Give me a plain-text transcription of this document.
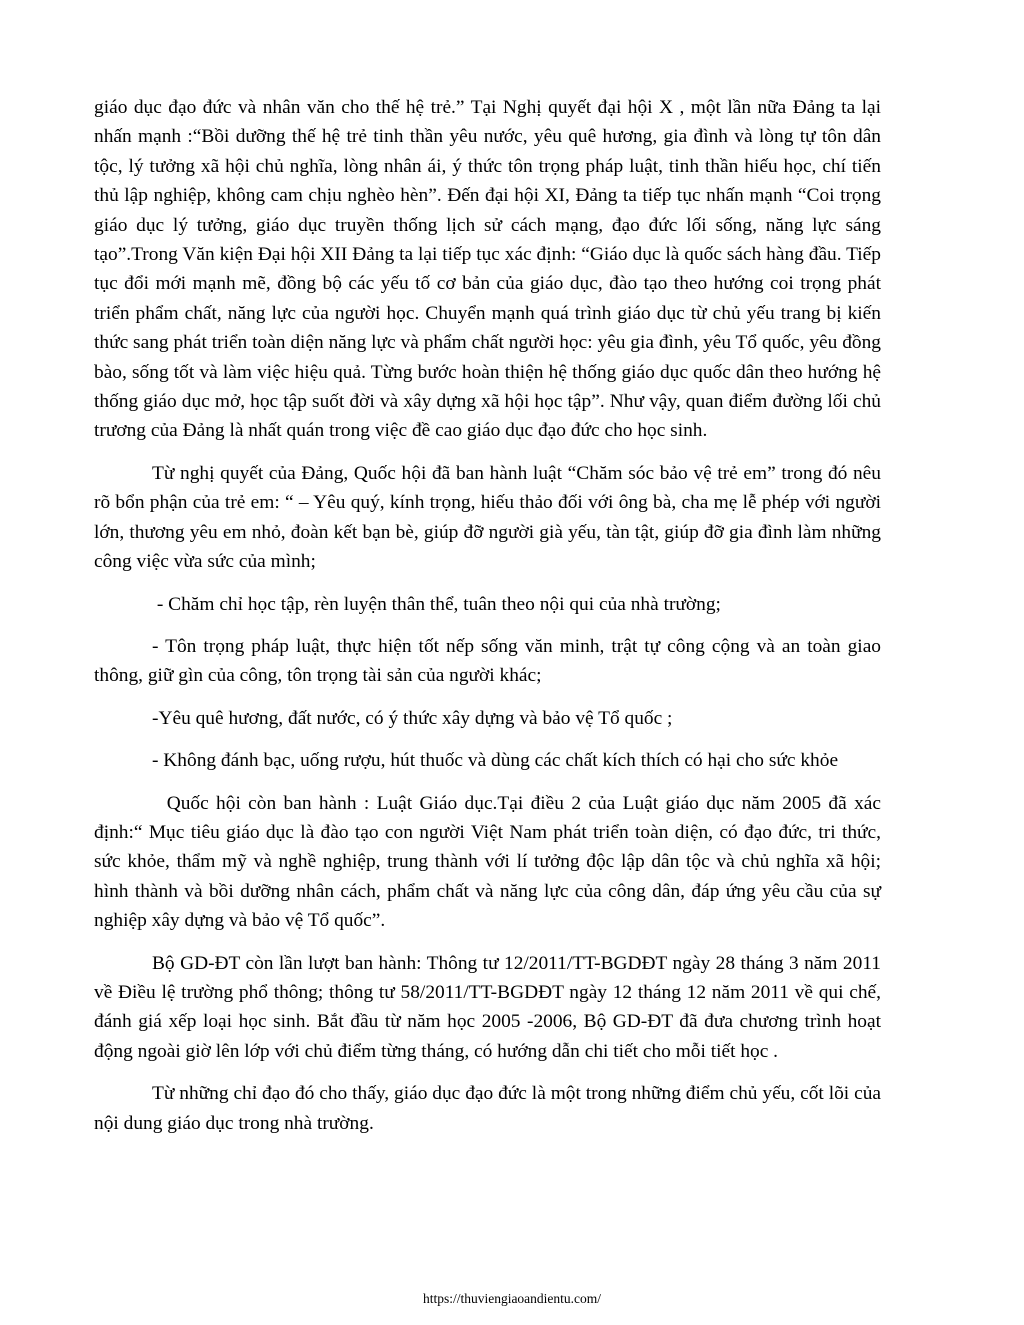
giáo dục đạo đức và nhân văn cho thế hệ trẻ.” Tại Nghị quyết đại hội X , một lần nữa Đảng ta lại nhấn mạnh :“Bồi dưỡng thế hệ trẻ tinh thần yêu nước, yêu quê hương, gia đình và lòng tự tôn dân tộc, lý tưởng xã hội chủ nghĩa, lòng nhân ái, ý thức tôn trọng pháp luật, tinh thần hiếu học, chí tiến thủ lập nghiệp, không cam chịu nghèo hèn”. Đến đại hội XI, Đảng ta tiếp tục nhấn mạnh “Coi trọng giáo dục lý tưởng, giáo dục truyền thống lịch sử cách mạng, đạo đức lối sống, năng lực sáng tạo”.Trong Văn kiện Đại hội XII Đảng ta lại tiếp tục xác định: “Giáo dục là quốc sách hàng đầu. Tiếp tục đổi mới mạnh mẽ, đồng bộ các yếu tố cơ bản của giáo dục, đào tạo theo hướng coi trọng phát triển phẩm chất, năng lực của người học. Chuyển mạnh quá trình giáo dục từ chủ yếu trang bị kiến thức sang phát triển toàn diện năng lực và phẩm chất người học: yêu gia đình, yêu Tổ quốc, yêu đồng bào, sống tốt và làm việc hiệu quả. Từng bước hoàn thiện hệ thống giáo dục quốc dân theo hướng hệ thống giáo dục mở, học tập suốt đời và xây dựng xã hội học tập”. Như vậy, quan điểm đường lối chủ trương của Đảng là nhất quán trong việc đề cao giáo dục đạo đức cho học sinh.

Từ nghị quyết của Đảng, Quốc hội đã ban hành luật “Chăm sóc bảo vệ trẻ em” trong đó nêu rõ bổn phận của trẻ em: “ – Yêu quý, kính trọng, hiếu thảo đối với ông bà, cha mẹ lễ phép với người lớn, thương yêu em nhỏ, đoàn kết bạn bè, giúp đỡ người già yếu, tàn tật, giúp đỡ gia đình làm những công việc vừa sức của mình;

- Chăm chỉ học tập, rèn luyện thân thể, tuân theo nội qui của nhà trường;

- Tôn trọng pháp luật, thực hiện tốt nếp sống văn minh, trật tự công cộng và an toàn giao thông, giữ gìn của công, tôn trọng tài sản của người khác;

-Yêu quê hương, đất nước, có ý thức xây dựng và bảo vệ Tổ quốc ;

- Không đánh bạc, uống rượu, hút thuốc và dùng các chất kích thích có hại cho sức khỏe

Quốc hội còn ban hành : Luật Giáo dục.Tại điều 2 của Luật giáo dục năm 2005 đã xác định:“ Mục tiêu giáo dục là đào tạo con người Việt Nam phát triển toàn diện, có đạo đức, tri thức, sức khỏe, thẩm mỹ và nghề nghiệp, trung thành với lí tưởng độc lập dân tộc và chủ nghĩa xã hội; hình thành và bồi dưỡng nhân cách, phẩm chất và năng lực của công dân, đáp ứng yêu cầu của sự nghiệp xây dựng và bảo vệ Tổ quốc”.

Bộ GD-ĐT còn lần lượt ban hành: Thông tư 12/2011/TT-BGDĐT ngày 28 tháng 3 năm 2011 về Điều lệ trường phổ thông; thông tư 58/2011/TT-BGDĐT ngày 12 tháng 12 năm 2011 về qui chế, đánh giá xếp loại học sinh. Bắt đầu từ năm học 2005 -2006, Bộ GD-ĐT đã đưa chương trình hoạt động ngoài giờ lên lớp với chủ điểm từng tháng, có hướng dẫn chi tiết cho mỗi tiết học .

Từ những chỉ đạo đó cho thấy, giáo dục đạo đức là một trong những điểm chủ yếu, cốt lõi của nội dung giáo dục trong nhà trường.

https://thuviengiaoandientu.com/
